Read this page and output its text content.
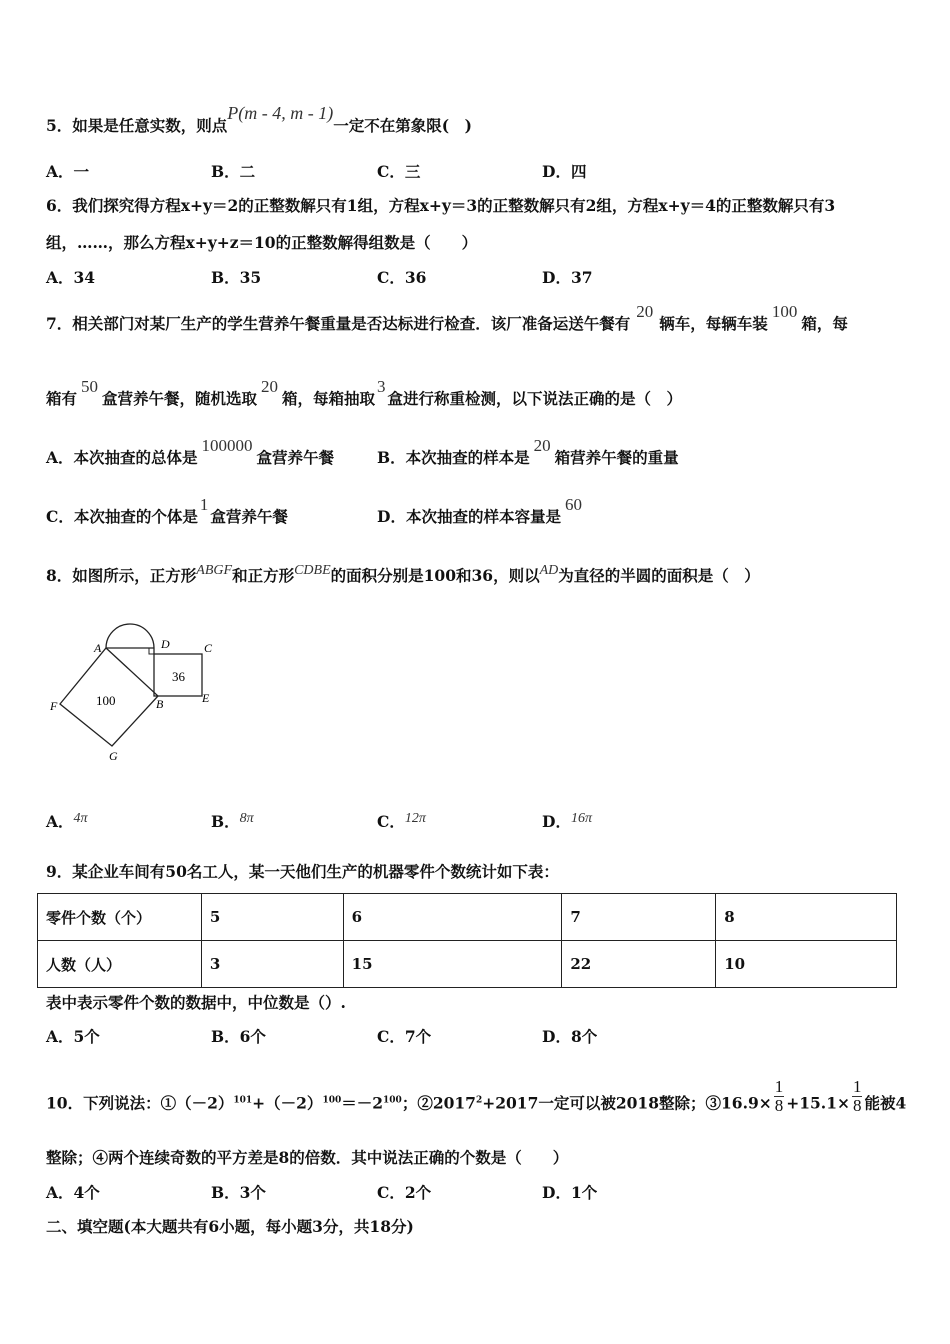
5．如果是任意实数，则点P(m - 4, m - 1)一定不在第象限(　)
A．一	B．二	C．三	D．四
6．我们探究得方程x+y＝2的正整数解只有1组，方程x+y＝3的正整数解只有2组，方程x+y＝4的正整数解只有3
组，……，那么方程x+y+z＝10的正整数解得组数是（　　）
A．34	B．35	C．36	D．37
7．相关部门对某厂生产的学生营养午餐重量是否达标进行检查．该厂准备运送午餐有20辆车，每辆车装100箱，每
箱有50盒营养午餐，随机选取20箱，每箱抽取3盒进行称重检测，以下说法正确的是（　）
A．本次抽查的总体是100000盒营养午餐	B．本次抽查的样本是20箱营养午餐的重量
C．本次抽查的个体是1盒营养午餐	D．本次抽查的样本容量是60
8．如图所示，正方形ABGF和正方形CDBE的面积分别是100和36，则以AD为直径的半圆的面积是（　）
A	D	C
E
B
F
G
36
100
A．4π	B．8π	C．12π	D．16π
9．某企业车间有50名工人，某一天他们生产的机器零件个数统计如下表：
零件个数（个）	5	6	7	8
人数（人）	3	15	22	10
表中表示零件个数的数据中，中位数是（）.
A．5个	B．6个	C．7个	D．8个
10．下列说法：$①(-2)^{101}+(-2)^{100}=-2^{100}$；$②2017^2+2017$一定可以被2018整除；③16.9× $\frac{1}{8} +15.1\times \frac{1}{8}$ 能被4
整除；④两个连续奇数的平方差是8的倍数．其中说法正确的个数是（　　）
A．4个	B．3个	C．2个	D．1个
二、填空题(本大题共有6小题，每小题3分，共18分)
